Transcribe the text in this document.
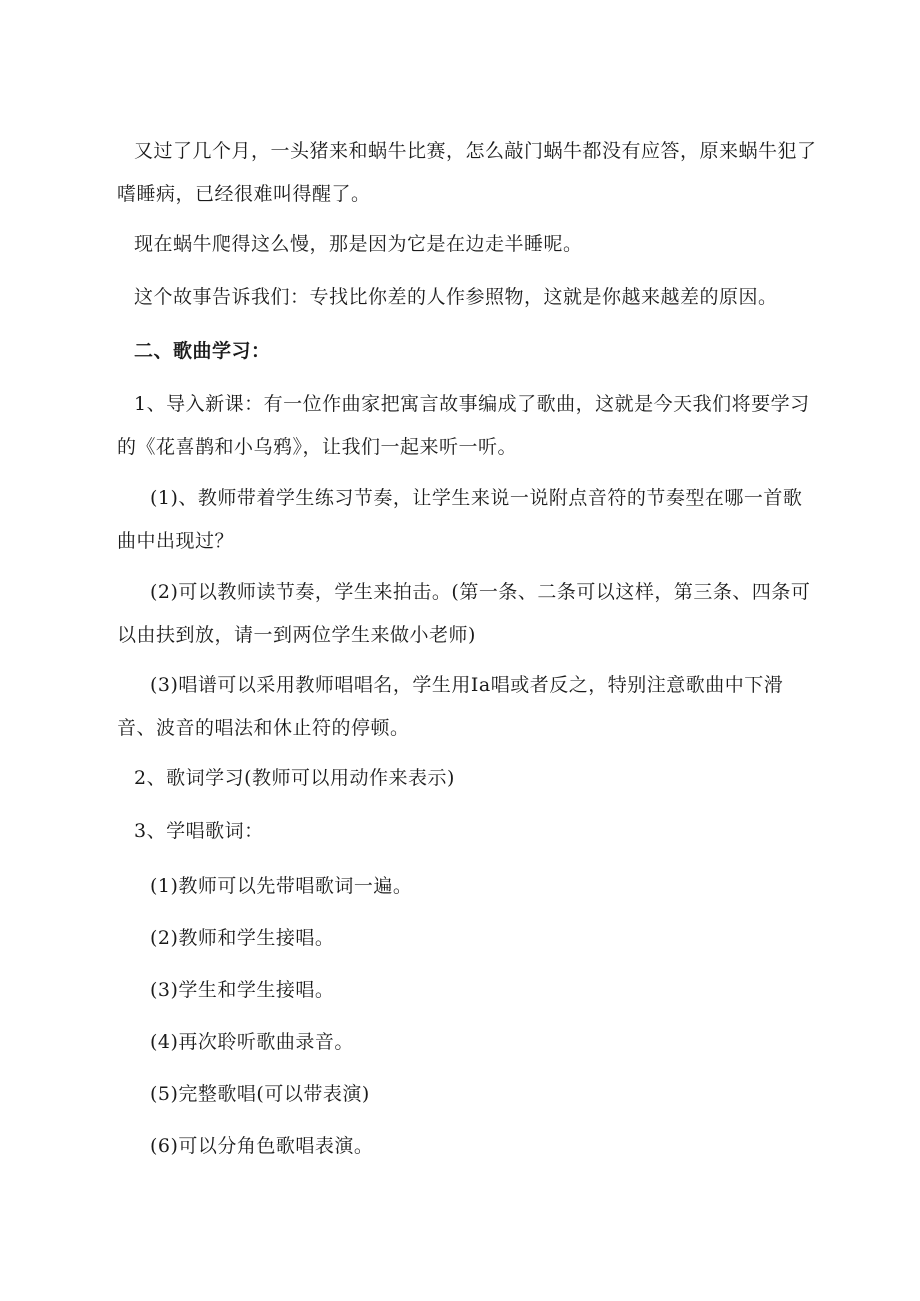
又过了几个月，一头猪来和蜗牛比赛，怎么敲门蜗牛都没有应答，原来蜗牛犯了嗜睡病，已经很难叫得醒了。

现在蜗牛爬得这么慢，那是因为它是在边走半睡呢。

这个故事告诉我们：专找比你差的人作参照物，这就是你越来越差的原因。

二、歌曲学习：

1、导入新课：有一位作曲家把寓言故事编成了歌曲，这就是今天我们将要学习的《花喜鹊和小乌鸦》，让我们一起来听一听。

(1)、教师带着学生练习节奏，让学生来说一说附点音符的节奏型在哪一首歌曲中出现过？

(2)可以教师读节奏，学生来拍击。(第一条、二条可以这样，第三条、四条可以由扶到放，请一到两位学生来做小老师)

(3)唱谱可以采用教师唱唱名，学生用Ia唱或者反之，特别注意歌曲中下滑音、波音的唱法和休止符的停顿。

2、歌词学习(教师可以用动作来表示)

3、学唱歌词：

(1)教师可以先带唱歌词一遍。

(2)教师和学生接唱。

(3)学生和学生接唱。

(4)再次聆听歌曲录音。

(5)完整歌唱(可以带表演)

(6)可以分角色歌唱表演。
